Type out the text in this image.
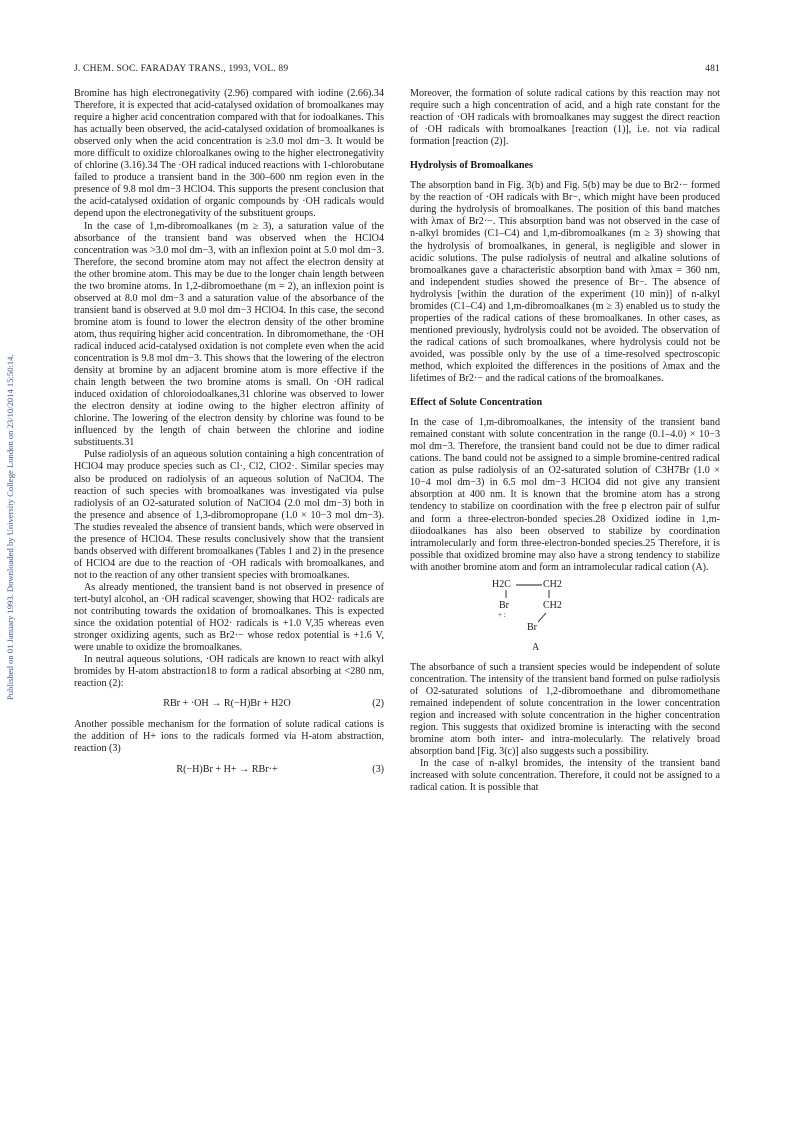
J. CHEM. SOC. FARADAY TRANS., 1993, VOL. 89	481
Published on 01 January 1993. Downloaded by University College London on 23/10/2014 15:50:14.

Bromine has high electronegativity (2.96) compared with iodine (2.66).34 Therefore, it is expected that acid-catalysed oxidation of bromoalkanes may require a higher acid concentration compared with that for iodoalkanes. This has actually been observed, the acid-catalysed oxidation of bromoalkanes is observed only when the acid concentration is ≥3.0 mol dm−3. It would be more difficult to oxidize chloroalkanes owing to the higher electronegativity of chlorine (3.16).34 The ·OH radical induced reactions with 1-chlorobutane failed to produce a transient band in the 300–600 nm region even in the presence of 9.8 mol dm−3 HClO4. This supports the present conclusion that the acid-catalysed oxidation of organic compounds by ·OH radicals would depend upon the electronegativity of the substituent groups.

In the case of 1,m-dibromoalkanes (m ≥ 3), a saturation value of the absorbance of the transient band was observed when the HClO4 concentration was >3.0 mol dm−3, with an inflexion point at 5.0 mol dm−3. Therefore, the second bromine atom may not affect the electron density at the other bromine atom. This may be due to the longer chain length between the two bromine atoms. In 1,2-dibromoethane (m = 2), an inflexion point is observed at 8.0 mol dm−3 and a saturation value of the absorbance of the transient band is observed at 9.0 mol dm−3 HClO4. In this case, the second bromine atom is found to lower the electron density of the other bromine atom, thus requiring higher acid concentration. In dibromomethane, the ·OH radical induced acid-catalysed oxidation is not complete even when the acid concentration is 9.8 mol dm−3. This shows that the lowering of the electron density at bromine by an adjacent bromine atom is more effective if the chain length between the two bromine atoms is small. On ·OH radical induced oxidation of chloroiodoalkanes,31 chlorine was observed to lower the electron density at iodine owing to the higher electron affinity of chlorine. The lowering of the electron density by chlorine was found to be influenced by the length of chain between the chlorine and iodine substituents.31

Pulse radiolysis of an aqueous solution containing a high concentration of HClO4 may produce species such as Cl·, Cl2, ClO2·. Similar species may also be produced on radiolysis of an aqueous solution of NaClO4. The reaction of such species with bromoalkanes was investigated via pulse radiolysis of an O2-saturated solution of NaClO4 (2.0 mol dm−3) both in the presence and absence of 1,3-dibromopropane (1.0 × 10−3 mol dm−3). The studies revealed the absence of transient bands, which were observed in the presence of HClO4. These results conclusively show that the transient bands observed with different bromoalkanes (Tables 1 and 2) in the presence of HClO4 are due to the reaction of ·OH radicals with bromoalkanes, and not to the reaction of any other transient species with bromoalkanes.

As already mentioned, the transient band is not observed in presence of tert-butyl alcohol, an ·OH radical scavenger, showing that HO2· radicals are not contributing towards the oxidation of bromoalkanes. This is expected since the oxidation potential of HO2· radicals is +1.0 V,35 whereas even stronger oxidizing agents, such as Br2·− whose redox potential is +1.6 V, were unable to oxidize the bromoalkanes.

In neutral aqueous solutions, ·OH radicals are known to react with alkyl bromides by H-atom abstraction18 to form a radical absorbing at <280 nm, reaction (2):

RBr + ·OH → R(−H)Br + H2O	(2)

Another possible mechanism for the formation of solute radical cations is the addition of H+ ions to the radicals formed via H-atom abstraction, reaction (3)

R(−H)Br + H+ → RBr·+	(3)

Moreover, the formation of solute radical cations by this reaction may not require such a high concentration of acid, and a high rate constant for the reaction of ·OH radicals with bromoalkanes may suggest the direct reaction of ·OH radicals with bromoalkanes [reaction (1)], i.e. not via radical formation [reaction (2)].

Hydrolysis of Bromoalkanes

The absorption band in Fig. 3(b) and Fig. 5(b) may be due to Br2·− formed by the reaction of ·OH radicals with Br−, which might have been produced during the hydrolysis of bromoalkanes. The position of this band matches with λmax of Br2·−. This absorption band was not observed in the case of n-alkyl bromides (C1–C4) and 1,m-dibromoalkanes (m ≥ 3) showing that the hydrolysis of bromoalkanes, in general, is negligible and slower in acidic solutions. The pulse radiolysis of neutral and alkaline solutions of bromoalkanes gave a characteristic absorption band with λmax = 360 nm, and independent studies showed the presence of Br−. The absence of hydrolysis [within the duration of the experiment (10 min)] of n-alkyl bromides (C1–C4) and 1,m-dibromoalkanes (m ≥ 3) enabled us to study the properties of the radical cations of these bromoalkanes. In other cases, as mentioned previously, hydrolysis could not be avoided. The observation of the radical cations of such bromoalkanes, where hydrolysis could not be avoided, was possible only by the use of a time-resolved spectroscopic method, which exploited the differences in the positions of λmax and the lifetimes of Br2·− and the radical cations of the bromoalkanes.

Effect of Solute Concentration

In the case of 1,m-dibromoalkanes, the intensity of the transient band remained constant with solute concentration in the range (0.1–4.0) × 10−3 mol dm−3. Therefore, the transient band could not be due to dimer radical cations. The band could not be assigned to a simple bromine-centred radical cation as pulse radiolysis of an O2-saturated solution of C3H7Br (1.0 × 10−4 mol dm−3) in 6.5 mol dm−3 HClO4 did not give any transient absorption at 400 nm. It is known that the bromine atom has a strong tendency to stabilize on coordination with the free p electron pair of sulfur and form a three-electron-bonded species.28 Oxidized iodine in 1,m-diiodoalkanes has also been observed to stabilize by coordination intramolecularly and form three-electron-bonded species.25 Therefore, it is possible that oxidized bromine may also have a strong tendency to stabilize with another bromine atom and form an intramolecular radical cation (A).

H2C	CH2
Br	CH2
+ :
Br
A

The absorbance of such a transient species would be independent of solute concentration. The intensity of the transient band formed on pulse radiolysis of O2-saturated solutions of 1,2-dibromoethane and dibromomethane remained independent of solute concentration in the lower concentration region and increased with solute concentration in the higher concentration region. This suggests that oxidized bromine is interacting with the second bromine atom both inter- and intra-molecularly. The relatively broad absorption band [Fig. 3(c)] also suggests such a possibility.

In the case of n-alkyl bromides, the intensity of the transient band increased with solute concentration. Therefore, it could not be assigned to a radical cation. It is possible that
